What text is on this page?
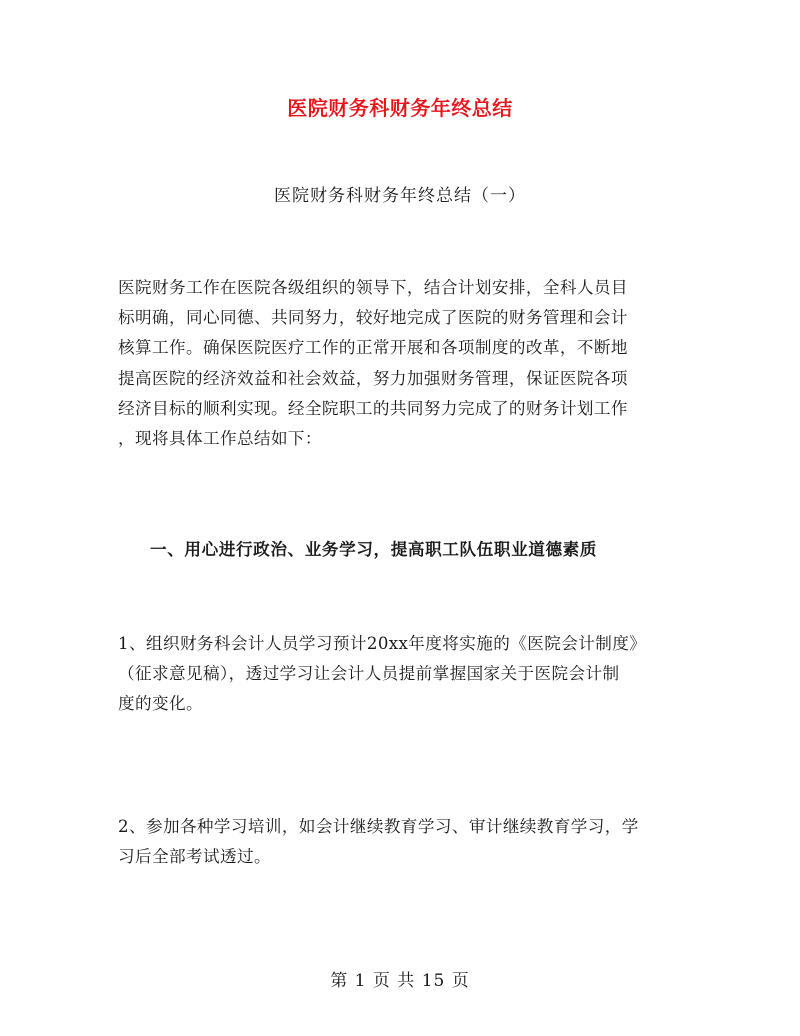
医院财务科财务年终总结
医院财务科财务年终总结（一）
医院财务工作在医院各级组织的领导下，结合计划安排，全科人员目
标明确，同心同德、共同努力，较好地完成了医院的财务管理和会计
核算工作。确保医院医疗工作的正常开展和各项制度的改革，不断地
提高医院的经济效益和社会效益，努力加强财务管理，保证医院各项
经济目标的顺利实现。经全院职工的共同努力完成了的财务计划工作
，现将具体工作总结如下：
一、用心进行政治、业务学习，提高职工队伍职业道德素质
1、组织财务科会计人员学习预计20xx年度将实施的《医院会计制度》
（征求意见稿），透过学习让会计人员提前掌握国家关于医院会计制
度的变化。
2、参加各种学习培训，如会计继续教育学习、审计继续教育学习，学
习后全部考试透过。
第 1 页 共 15 页
